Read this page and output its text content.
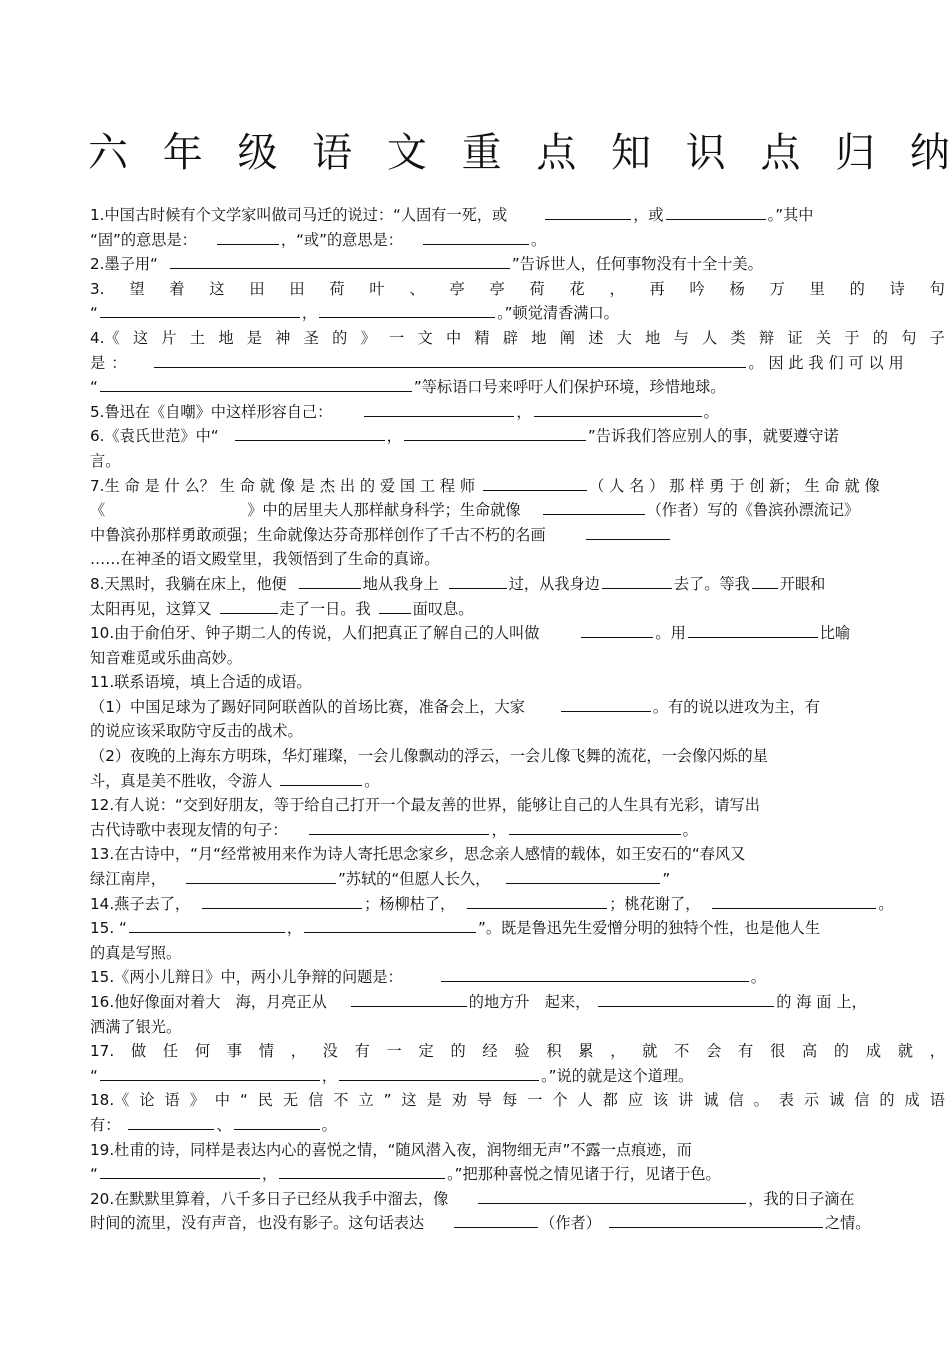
六 年 级 语 文 重 点 知 识 点 归 纳
1.中国古时候有个文学家叫做司马迁的说过：“人固有一死，或	，或	。”其中
“固”的意思是：	，“或”的意思是：	。
2.墨子用“	”告诉世人，任何事物没有十全十美。
3. 望 着 这 田 田 荷 叶 、 亭 亭 荷 花 ， 再 吟 杨 万 里 的 诗 句
“	，	。”顿觉清香满口。
4.《 这 片 土 地 是 神 圣 的 》 一 文 中 精 辟 地 阐 述 大 地 与 人 类 辩 证 关 于 的 句 子
是：	。 因 此 我 们 可 以 用
“	”等标语口号来呼吁人们保护环境，珍惜地球。
5.鲁迅在《自嘲》中这样形容自己：	，	。
6.《袁氏世范》中“	，	”告诉我们答应别人的事，就要遵守诺
言。
7.生 命 是 什 么？ 生 命 就 像 是 杰 出 的 爱 国 工 程 师	（ 人 名 ） 那 样 勇 于 创 新； 生 命 就 像
《	》中的居里夫人那样献身科学；生命就像	（作者）写的《鲁滨孙漂流记》
中鲁滨孙那样勇敢顽强；生命就像达芬奇那样创作了千古不朽的名画
……在神圣的语文殿堂里，我领悟到了生命的真谛。
8.天黑时，我躺在床上，他便	地从我身上	过，从我身边	去了。等我 开眼和
太阳再见，这算又	走了一日。我	面叹息。
10.由于俞伯牙、钟子期二人的传说，人们把真正了解自己的人叫做	。用	比喻
知音难觅或乐曲高妙。
11.联系语境，填上合适的成语。
（1）中国足球为了踢好同阿联酋队的首场比赛，准备会上，大家	。有的说以进攻为主，有
的说应该采取防守反击的战术。
（2）夜晚的上海东方明珠，华灯璀璨，一会儿像飘动的浮云，一会儿像飞舞的流花，一会像闪烁的星
斗，真是美不胜收，令游人	。
12.有人说：“交到好朋友，等于给自己打开一个最友善的世界，能够让自己的人生具有光彩，请写出
古代诗歌中表现友情的句子：	，	。
13.在古诗中，“月“经常被用来作为诗人寄托思念家乡，思念亲人感情的载体，如王安石的“春风又
绿江南岸，	”苏轼的“但愿人长久，	”
14.燕子去了，	；杨柳枯了，	；桃花谢了，	。
15. “	，	”。既是鲁迅先生爱憎分明的独特个性，也是他人生
的真是写照。
15.《两小儿辩日》中，两小儿争辩的问题是：	。
16.他好像面对着大　海，月亮正从	的地方升　起来，	的 海 面 上，
洒满了银光。
17. 做 任 何 事 情 ， 没 有 一 定 的 经 验 积 累 ， 就 不 会 有 很 高 的 成 就 ，
“	，	。”说的就是这个道理。
18.《 论 语 》 中 “ 民 无 信 不 立 ” 这 是 劝 导 每 一 个 人 都 应 该 讲 诚 信 。 表 示 诚 信 的 成 语
有：	、	。
19.杜甫的诗，同样是表达内心的喜悦之情，“随风潜入夜，润物细无声”不露一点痕迹，而
“	，	。”把那种喜悦之情见诸于行，见诸于色。
20.在默默里算着，八千多日子已经从我手中溜去，像	，我的日子滴在
时间的流里，没有声音，也没有影子。这句话表达	（作者）	之情。
